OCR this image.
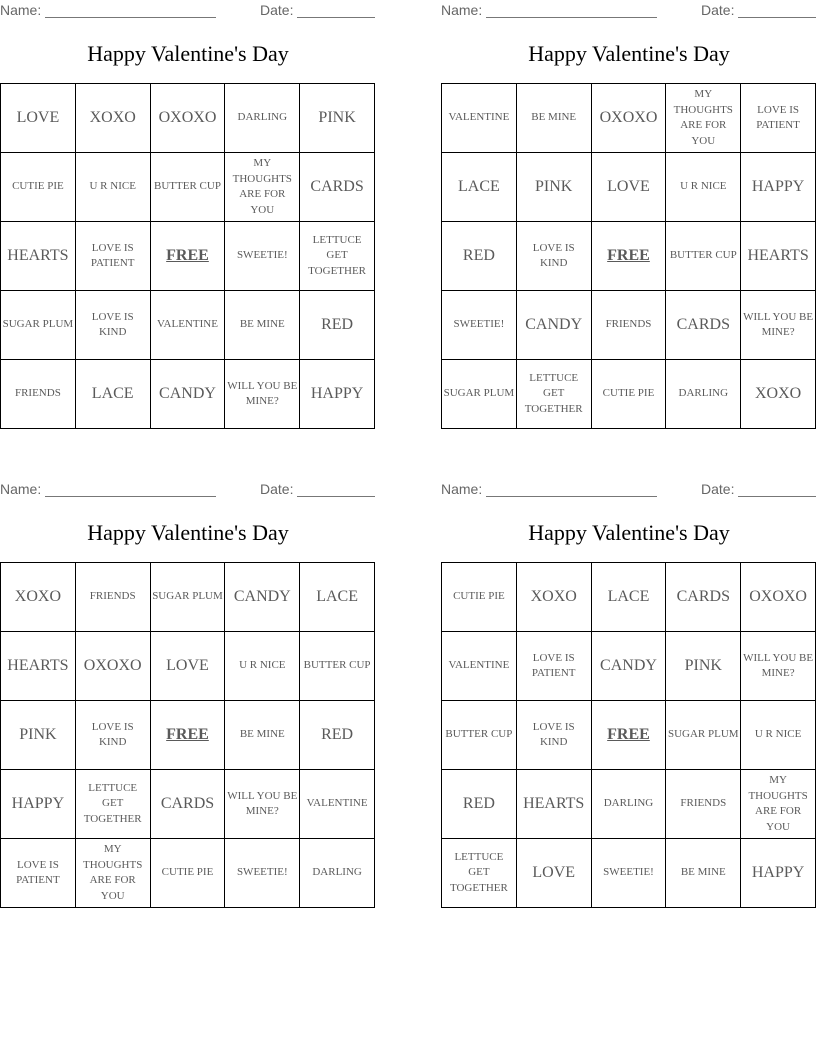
Name:	Date:
Happy Valentine's Day
LOVE	XOXO	OXOXO	DARLING	PINK
CUTIE PIE	U R NICE	BUTTER CUP	MY THOUGHTS ARE FOR YOU	CARDS
HEARTS	LOVE IS PATIENT	FREE	SWEETIE!	LETTUCE GET TOGETHER
SUGAR PLUM	LOVE IS KIND	VALENTINE	BE MINE	RED
FRIENDS	LACE	CANDY	WILL YOU BE MINE?	HAPPY
Name:	Date:
Happy Valentine's Day
VALENTINE	BE MINE	OXOXO	MY THOUGHTS ARE FOR YOU	LOVE IS PATIENT
LACE	PINK	LOVE	U R NICE	HAPPY
RED	LOVE IS KIND	FREE	BUTTER CUP	HEARTS
SWEETIE!	CANDY	FRIENDS	CARDS	WILL YOU BE MINE?
SUGAR PLUM	LETTUCE GET TOGETHER	CUTIE PIE	DARLING	XOXO
Name:	Date:
Happy Valentine's Day
XOXO	FRIENDS	SUGAR PLUM	CANDY	LACE
HEARTS	OXOXO	LOVE	U R NICE	BUTTER CUP
PINK	LOVE IS KIND	FREE	BE MINE	RED
HAPPY	LETTUCE GET TOGETHER	CARDS	WILL YOU BE MINE?	VALENTINE
LOVE IS PATIENT	MY THOUGHTS ARE FOR YOU	CUTIE PIE	SWEETIE!	DARLING
Name:	Date:
Happy Valentine's Day
CUTIE PIE	XOXO	LACE	CARDS	OXOXO
VALENTINE	LOVE IS PATIENT	CANDY	PINK	WILL YOU BE MINE?
BUTTER CUP	LOVE IS KIND	FREE	SUGAR PLUM	U R NICE
RED	HEARTS	DARLING	FRIENDS	MY THOUGHTS ARE FOR YOU
LETTUCE GET TOGETHER	LOVE	SWEETIE!	BE MINE	HAPPY
